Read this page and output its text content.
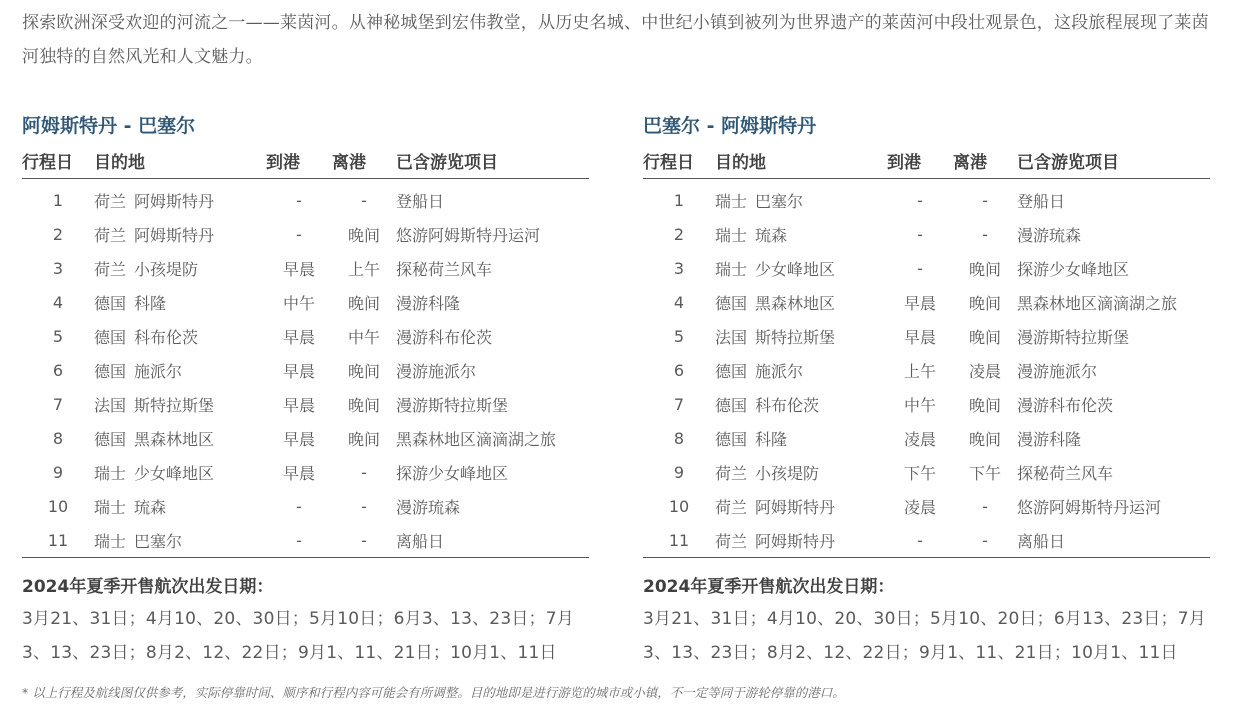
探索欧洲深受欢迎的河流之一——莱茵河。从神秘城堡到宏伟教堂，从历史名城、中世纪小镇到被列为世界遗产的莱茵河中段壮观景色，这段旅程展现了莱茵河独特的自然风光和人文魅力。
阿姆斯特丹 - 巴塞尔
行程日	目的地	到港	离港	已含游览项目
1	荷兰 阿姆斯特丹	-	-	登船日
2	荷兰 阿姆斯特丹	-	晚间	悠游阿姆斯特丹运河
3	荷兰 小孩堤防	早晨	上午	探秘荷兰风车
4	德国 科隆	中午	晚间	漫游科隆
5	德国 科布伦茨	早晨	中午	漫游科布伦茨
6	德国 施派尔	早晨	晚间	漫游施派尔
7	法国 斯特拉斯堡	早晨	晚间	漫游斯特拉斯堡
8	德国 黑森林地区	早晨	晚间	黑森林地区滴滴湖之旅
9	瑞士 少女峰地区	早晨	-	探游少女峰地区
10	瑞士 琉森	-	-	漫游琉森
11	瑞士 巴塞尔	-	-	离船日
2024年夏季开售航次出发日期：
3月21、31日；4月10、20、30日；5月10日；6月3、13、23日；7月3、13、23日；8月2、12、22日；9月1、11、21日；10月1、11日
巴塞尔 - 阿姆斯特丹
行程日	目的地	到港	离港	已含游览项目
1	瑞士 巴塞尔	-	-	登船日
2	瑞士 琉森	-	-	漫游琉森
3	瑞士 少女峰地区	-	晚间	探游少女峰地区
4	德国 黑森林地区	早晨	晚间	黑森林地区滴滴湖之旅
5	法国 斯特拉斯堡	早晨	晚间	漫游斯特拉斯堡
6	德国 施派尔	上午	凌晨	漫游施派尔
7	德国 科布伦茨	中午	晚间	漫游科布伦茨
8	德国 科隆	凌晨	晚间	漫游科隆
9	荷兰 小孩堤防	下午	下午	探秘荷兰风车
10	荷兰 阿姆斯特丹	凌晨	-	悠游阿姆斯特丹运河
11	荷兰 阿姆斯特丹	-	-	离船日
2024年夏季开售航次出发日期：
3月21、31日；4月10、20、30日；5月10、20日；6月13、23日；7月3、13、23日；8月2、12、22日；9月1、11、21日；10月1、11日
* 以上行程及航线图仅供参考，实际停靠时间、顺序和行程内容可能会有所调整。目的地即是进行游览的城市或小镇，不一定等同于游轮停靠的港口。
